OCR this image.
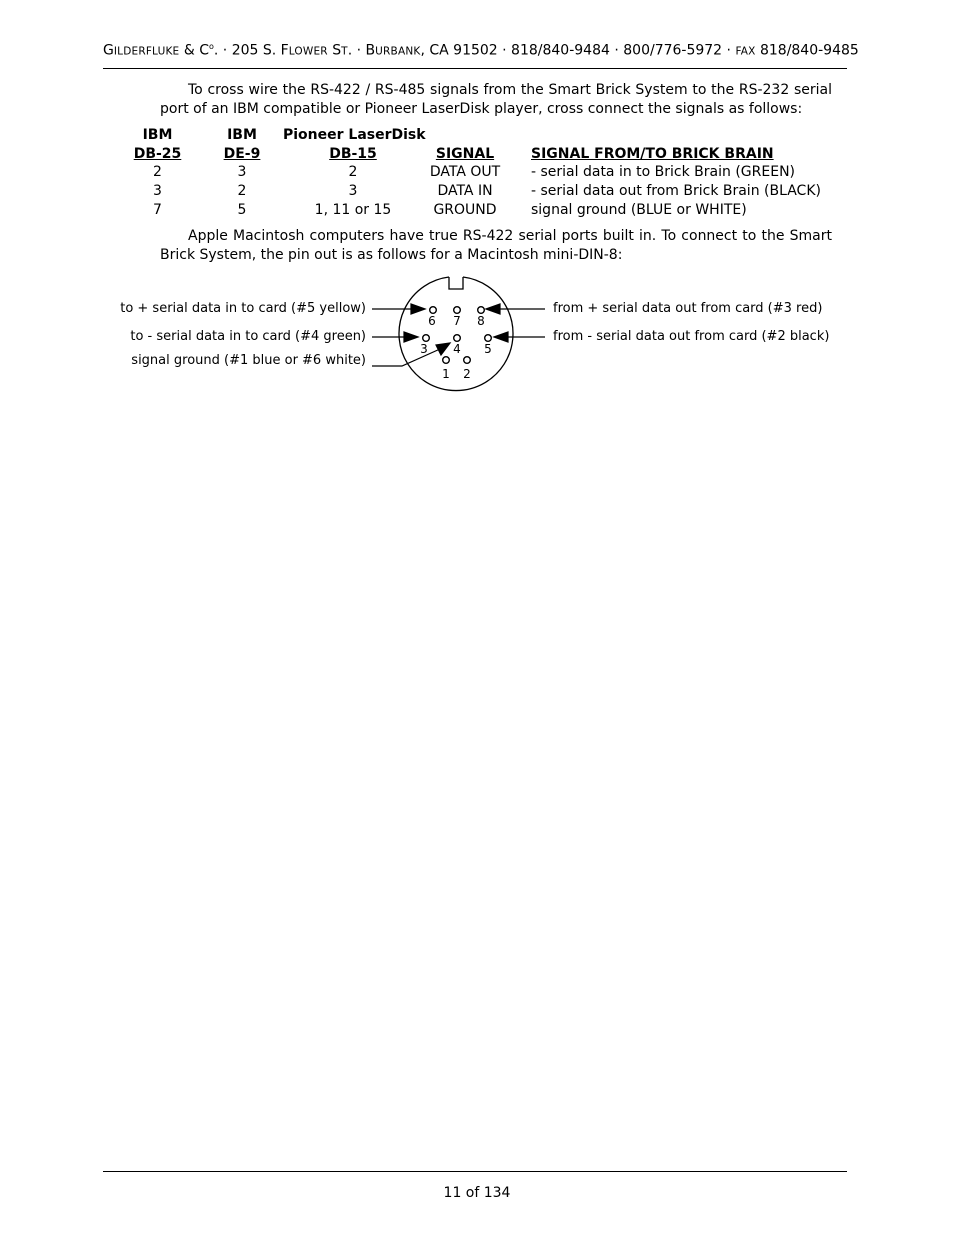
GILDERFLUKE & $C^o$. · 205 S. FLOWER ST. · BURBANK, CA 91502 · 818/840-9484 · 800/776-5972 · FAX 818/840-9485
To cross wire the RS-422 / RS-485 signals from the Smart Brick System to the RS-232 serial port of an IBM compatible or Pioneer LaserDisk player, cross connect the signals as follows:
IBM	IBM	Pioneer LaserDisk
DB-25	DE-9	DB-15	SIGNAL	SIGNAL FROM/TO BRICK BRAIN
2	3	2	DATA OUT	- serial data in to Brick Brain (GREEN)
3	2	3	DATA IN	- serial data out from Brick Brain (BLACK)
7	5	1, 11 or 15	GROUND	signal ground (BLUE or WHITE)
Apple Macintosh computers have true RS-422 serial ports built in. To connect to the Smart Brick System, the pin out is as follows for a Macintosh mini-DIN-8:
to + serial data in to card (#5 yellow)
to - serial data in to card (#4 green)
signal ground (#1 blue or #6 white)
from + serial data out from card (#3 red)
from - serial data out from card (#2 black)
6 7 8
3 4 5
1 2
11 of 134
